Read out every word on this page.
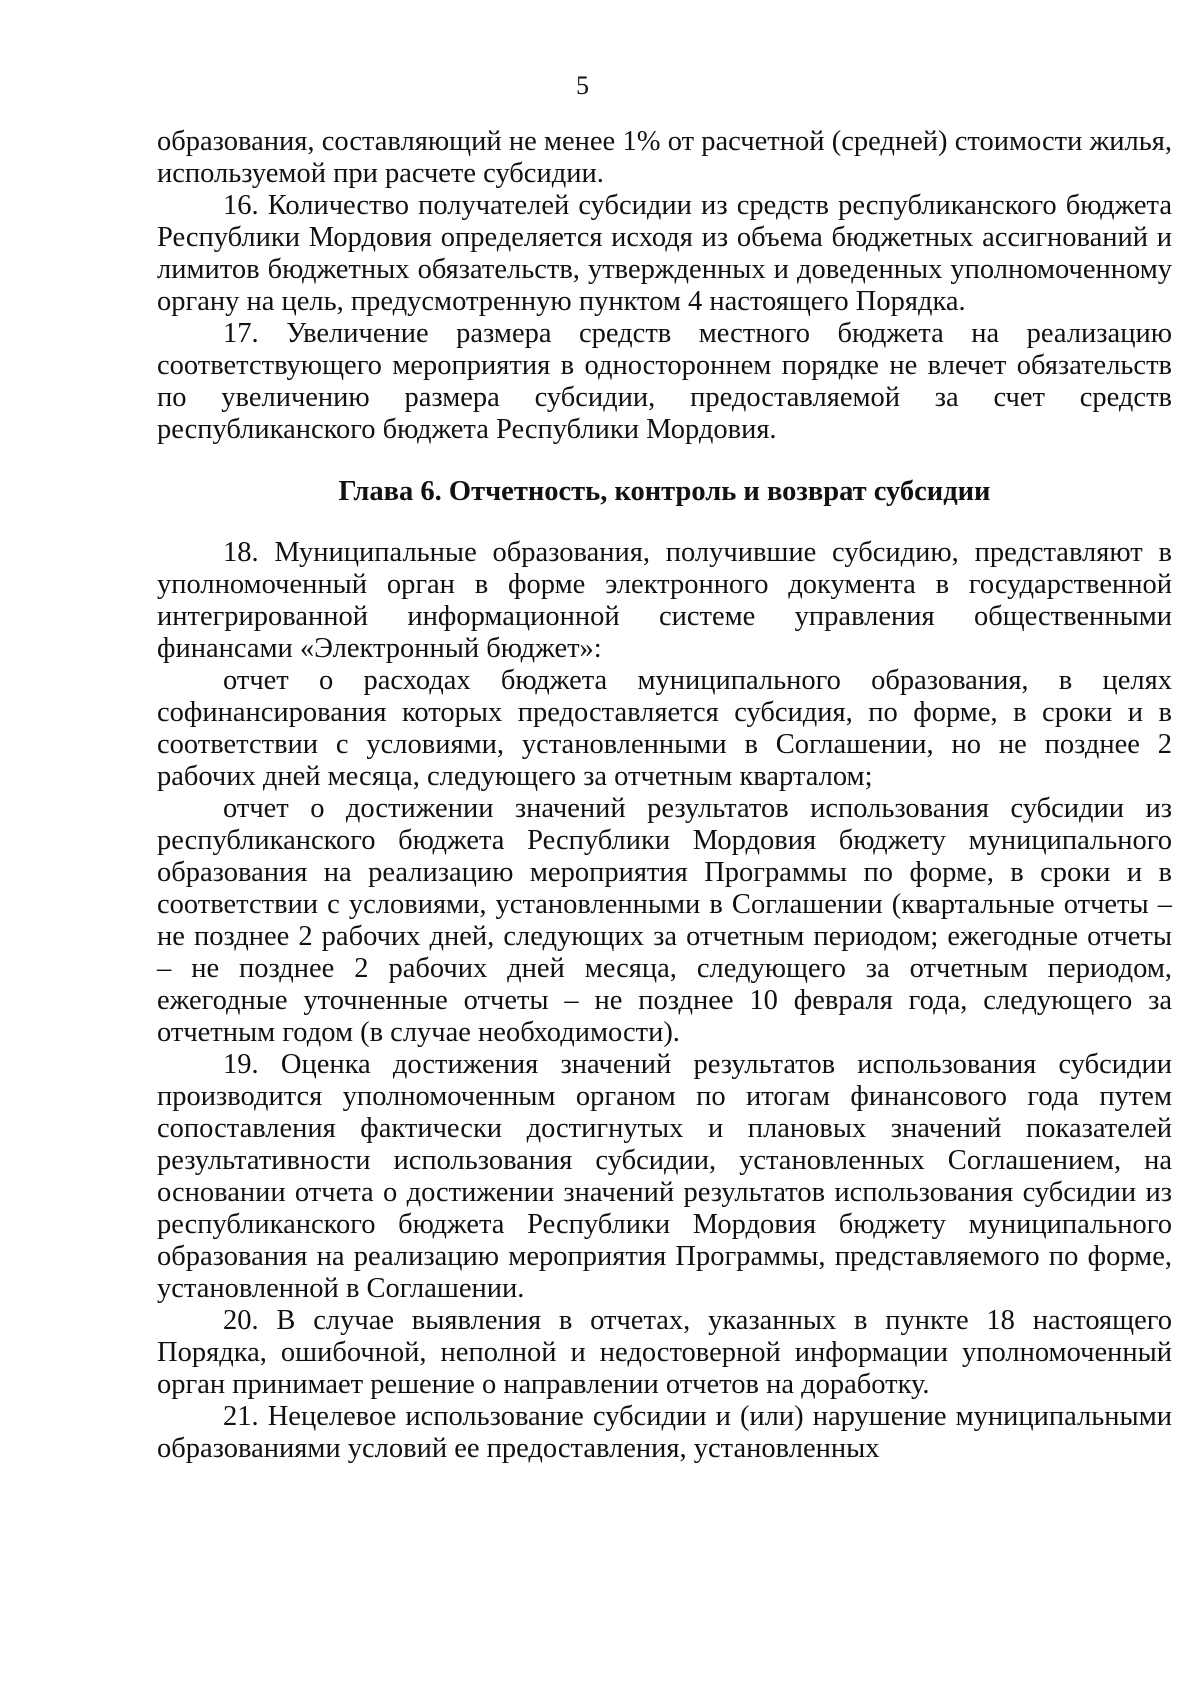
5

образования, составляющий не менее 1% от расчетной (средней) стоимости жилья, используемой при расчете субсидии.

16. Количество получателей субсидии из средств республиканского бюджета Республики Мордовия определяется исходя из объема бюджетных ассигнований и лимитов бюджетных обязательств, утвержденных и доведенных уполномоченному органу на цель, предусмотренную пунктом 4 настоящего Порядка.

17. Увеличение размера средств местного бюджета на реализацию соответствующего мероприятия в одностороннем порядке не влечет обязательств по увеличению размера субсидии, предоставляемой за счет средств республиканского бюджета Республики Мордовия.

Глава 6. Отчетность, контроль и возврат субсидии

18. Муниципальные образования, получившие субсидию, представляют в уполномоченный орган в форме электронного документа в государственной интегрированной информационной системе управления общественными финансами «Электронный бюджет»:

отчет о расходах бюджета муниципального образования, в целях софинансирования которых предоставляется субсидия, по форме, в сроки и в соответствии с условиями, установленными в Соглашении, но не позднее 2 рабочих дней месяца, следующего за отчетным кварталом;

отчет о достижении значений результатов использования субсидии из республиканского бюджета Республики Мордовия бюджету муниципального образования на реализацию мероприятия Программы по форме, в сроки и в соответствии с условиями, установленными в Соглашении (квартальные отчеты – не позднее 2 рабочих дней, следующих за отчетным периодом; ежегодные отчеты – не позднее 2 рабочих дней месяца, следующего за отчетным периодом, ежегодные уточненные отчеты – не позднее 10 февраля года, следующего за отчетным годом (в случае необходимости).

19. Оценка достижения значений результатов использования субсидии производится уполномоченным органом по итогам финансового года путем сопоставления фактически достигнутых и плановых значений показателей результативности использования субсидии, установленных Соглашением, на основании отчета о достижении значений результатов использования субсидии из республиканского бюджета Республики Мордовия бюджету муниципального образования на реализацию мероприятия Программы, представляемого по форме, установленной в Соглашении.

20. В случае выявления в отчетах, указанных в пункте 18 настоящего Порядка, ошибочной, неполной и недостоверной информации уполномоченный орган принимает решение о направлении отчетов на доработку.

21. Нецелевое использование субсидии и (или) нарушение муниципальными образованиями условий ее предоставления, установленных
